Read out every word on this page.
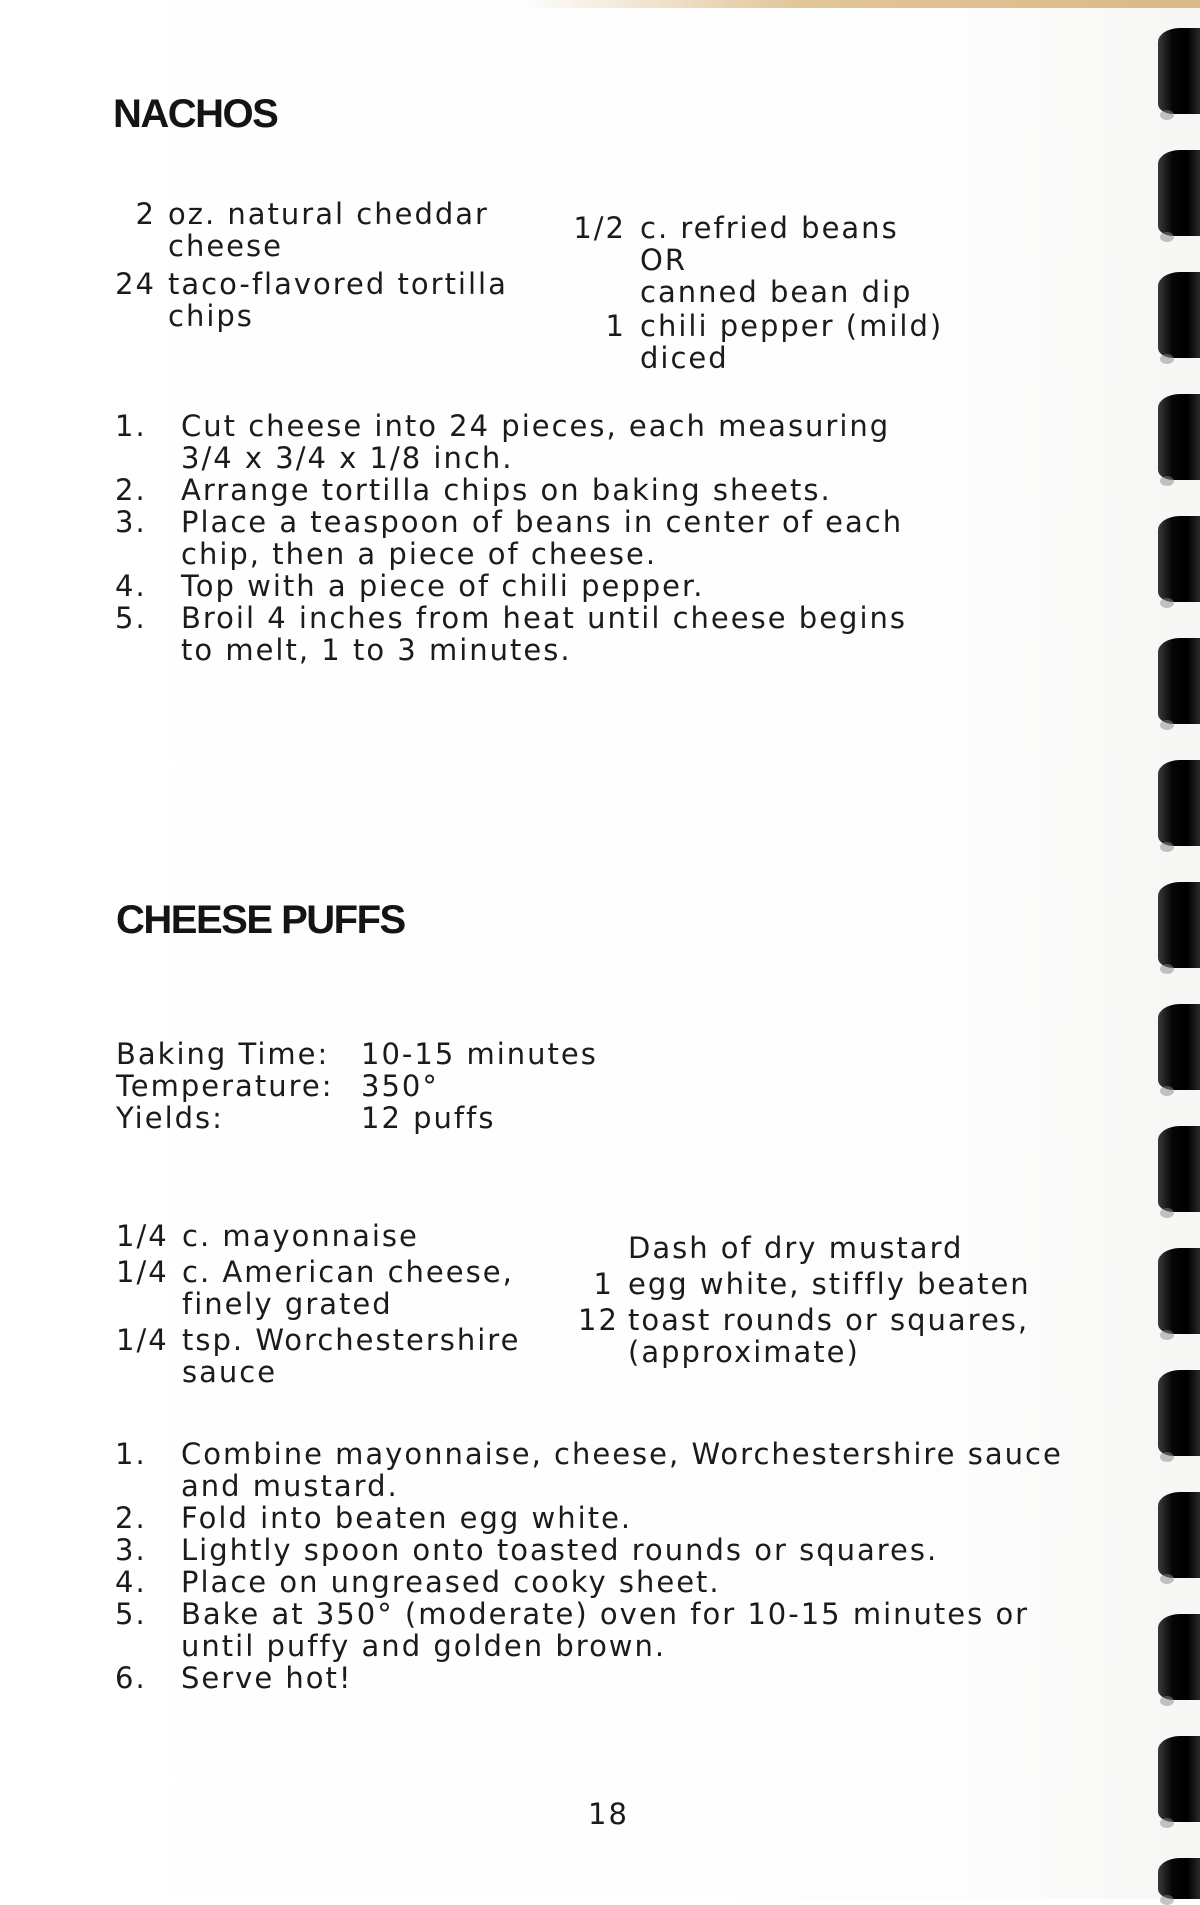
NACHOS
2 oz. natural cheddar
cheese
24 taco-flavored tortilla
chips
1/2 c. refried beans
OR
canned bean dip
1 chili pepper (mild)
diced
1.	Cut cheese into 24 pieces, each measuring
3/4 x 3/4 x 1/8 inch.
2.	Arrange tortilla chips on baking sheets.
3.	Place a teaspoon of beans in center of each
chip, then a piece of cheese.
4.	Top with a piece of chili pepper.
5.	Broil 4 inches from heat until cheese begins
to melt, 1 to 3 minutes.
CHEESE PUFFS
Baking Time:	10-15 minutes
Temperature: 350°
Yields:	12 puffs
1/4 c. mayonnaise
1/4 c. American cheese,
finely grated
1/4 tsp. Worchestershire
sauce
Dash of dry mustard
1 egg white, stiffly beaten
12 toast rounds or squares,
(approximate)
1.	Combine mayonnaise, cheese, Worchestershire sauce
and mustard.
2.	Fold into beaten egg white.
3.	Lightly spoon onto toasted rounds or squares.
4.	Place on ungreased cooky sheet.
5.	Bake at 350° (moderate) oven for 10-15 minutes or
until puffy and golden brown.
6.	Serve hot!
18
